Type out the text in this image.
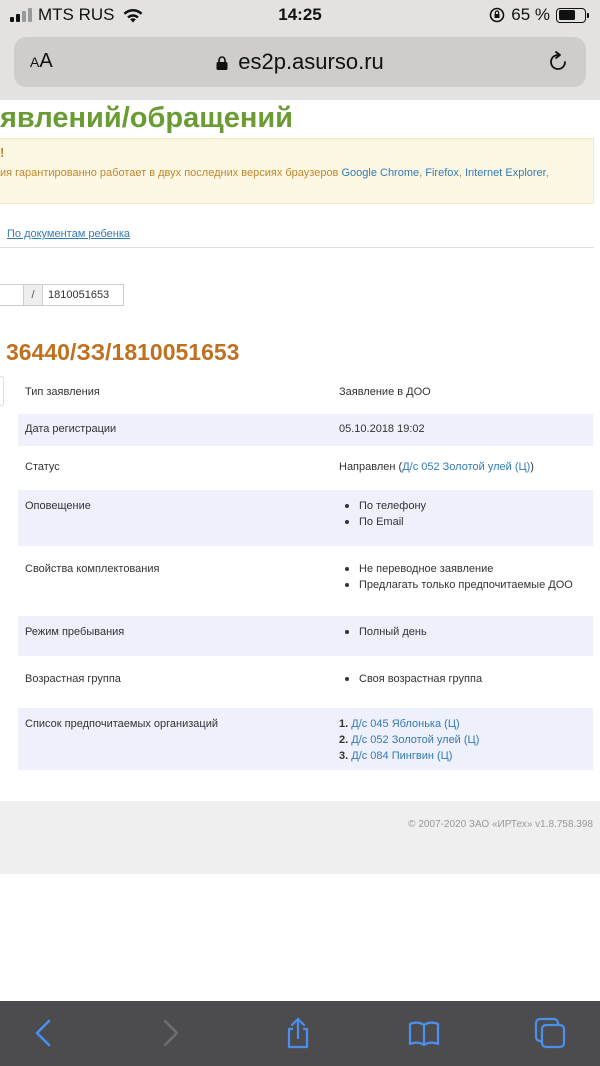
MTS RUS	14:25	65 %
AA	es2p.asurso.ru
явлений/обращений
!
ия гарантированно работает в двух последних версиях браузеров Google Chrome, Firefox, Internet Explorer,
По документам ребенка
/	1810051653
36440/ЗЗ/1810051653
Тип заявления	Заявление в ДОО
Дата регистрации	05.10.2018 19:02
Статус	Направлен (Д/с 052 Золотой улей (Ц))
Оповещение	По телефону
По Email
Свойства комплектования	Не переводное заявление
Предлагать только предпочитаемые ДОО
Режим пребывания	Полный день
Возрастная группа	Своя возрастная группа
Список предпочитаемых организаций	1. Д/с 045 Яблонька (Ц)
2. Д/с 052 Золотой улей (Ц)
3. Д/с 084 Пингвин (Ц)
© 2007-2020 ЗАО «ИРТех» v1.8.758.398
